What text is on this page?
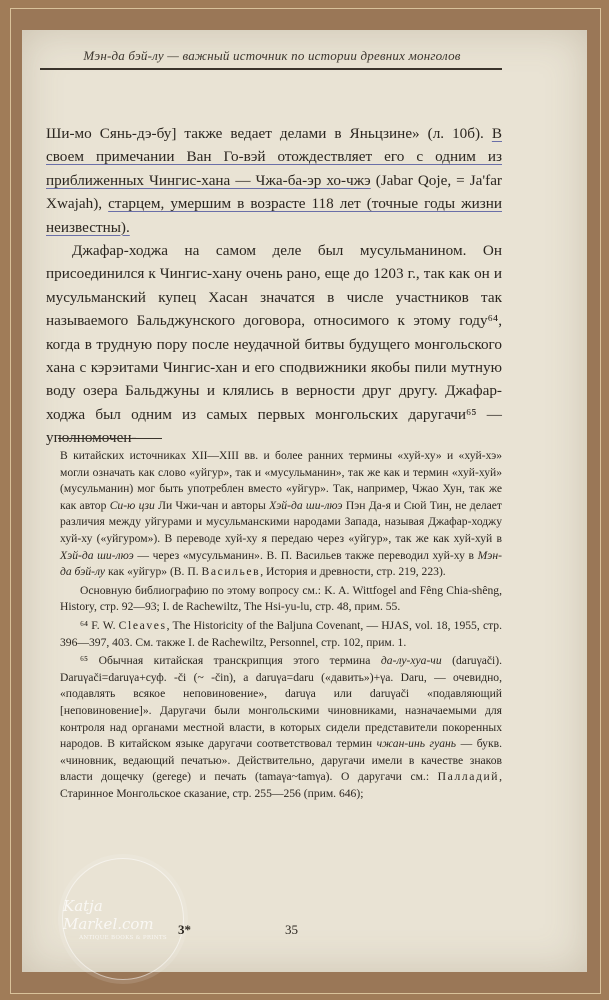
Мэн-да бэй-лу — важный источник по истории древних монголов

Ши-мо Сянь-дэ-бу] также ведает делами в Яньцзине» (л. 10б). В своем примечании Ван Го-вэй отождествляет его с одним из приближенных Чингис-хана — Чжа-ба-эр хо-чжэ (Jabar Qoje, = Ja'far Xwajah), старцем, умершим в возрасте 118 лет (точные годы жизни неизвестны).

Джафар-ходжа на самом деле был мусульманином. Он присоединился к Чингис-хану очень рано, еще до 1203 г., так как он и мусульманский купец Хасан значатся в числе участников так называемого Бальджунского договора, относимого к этому году⁶⁴, когда в трудную пору после неудачной битвы будущего монгольского хана с кэрэитами Чингис-хан и его сподвижники якобы пили мутную воду озера Бальджуны и клялись в верности друг другу. Джафар-ходжа был одним из самых первых монгольских даругачи⁶⁵ — уполномочен-

В китайских источниках XII—XIII вв. и более ранних термины «хуй-ху» и «хуй-хэ» могли означать как слово «уйгур», так и «мусульманин», так же как и термин «хуй-хуй» (мусульманин) мог быть употреблен вместо «уйгур». Так, например, Чжао Хун, так же как автор Си-ю цзи Ли Чжи-чан и авторы Хэй-да ши-люэ Пэн Да-я и Сюй Тин, не делает различия между уйгурами и мусульманскими народами Запада, называя Джафар-ходжу хуй-ху («уйгуром»). В переводе хуй-ху я передаю через «уйгур», так же как хуй-хуй в Хэй-да ши-люэ — через «мусульманин». В. П. Васильев также переводил хуй-ху в Мэн-да бэй-лу как «уйгур» (В. П. Васильев, История и древности, стр. 219, 223).

Основную библиографию по этому вопросу см.: K. A. Wittfogel and Fêng Chia-shêng, History, стр. 92—93; I. de Rachewiltz, The Hsi-yu-lu, стр. 48, прим. 55.

⁶⁴ F. W. Cleaves, The Historicity of the Baljuna Covenant, — HJAS, vol. 18, 1955, стр. 396—397, 403. См. также I. de Rachewiltz, Personnel, стр. 102, прим. 1.

⁶⁵ Обычная китайская транскрипция этого термина да-лу-хуа-чи (daruγači). Daruγači=daruγa+суф. -či (~ -čin), а daruγa=daru («давить»)+γa. Daru, — очевидно, «подавлять всякое неповиновение», daruγa или daruγači «подавляющий [неповиновение]». Даругачи были монгольскими чиновниками, назначаемыми для контроля над органами местной власти, в которых сидели представители покоренных народов. В китайском языке даругачи соответствовал термин чжан-инь гуань — букв. «чиновник, ведающий печатью». Действительно, даругачи имели в качестве знаков власти дощечку (gerege) и печать (tamaγa~tamγa). О даругачи см.: Палладий, Старинное Монгольское сказание, стр. 255—256 (прим. 646);

Katja Markel.com
ANTIQUE BOOKS & PRINTS
3*	35
